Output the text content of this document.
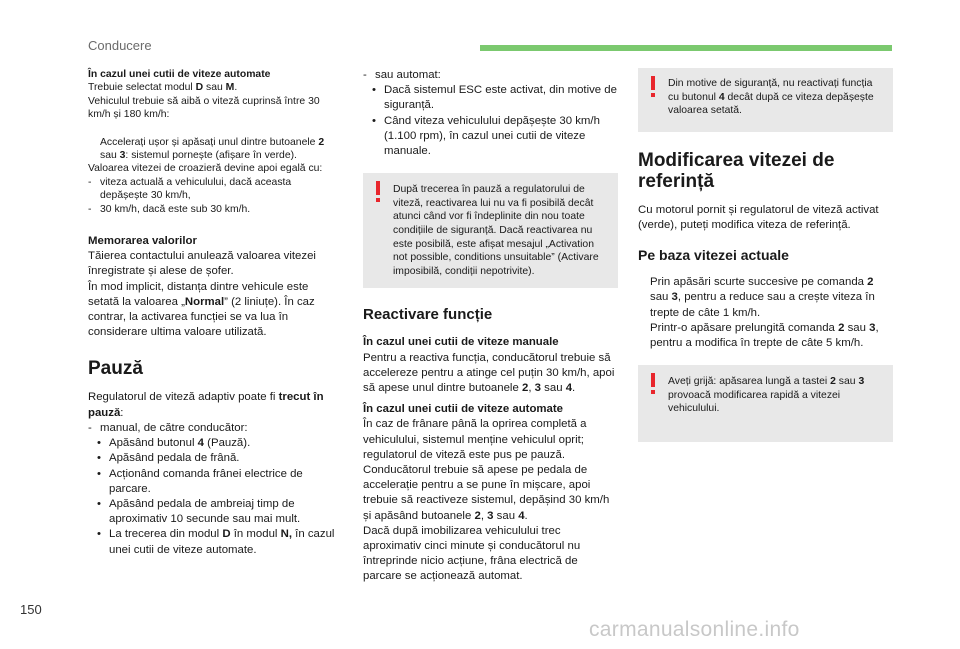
Conducere

În cazul unei cutii de viteze automate

Trebuie selectat modul D sau M.

Vehiculul trebuie să aibă o viteză cuprinsă între 30 km/h și 180 km/h:

Accelerați ușor și apăsați unul dintre butoanele 2 sau 3: sistemul pornește (afișare în verde).

Valoarea vitezei de croazieră devine apoi egală cu:

- viteza actuală a vehiculului, dacă aceasta depășește 30 km/h,
- 30 km/h, dacă este sub 30 km/h.

Memorarea valorilor

Tăierea contactului anulează valoarea vitezei înregistrate și alese de șofer.

În mod implicit, distanța dintre vehicule este setată la valoarea „Normal” (2 liniuțe). În caz contrar, la activarea funcției se va lua în considerare ultima valoare utilizată.

Pauză

Regulatorul de viteză adaptiv poate fi trecut în pauză:

- manual, de către conducător:
• Apăsând butonul 4 (Pauză).
• Apăsând pedala de frână.
• Acționând comanda frânei electrice de parcare.
• Apăsând pedala de ambreiaj timp de aproximativ 10 secunde sau mai mult.
• La trecerea din modul D în modul N, în cazul unei cutii de viteze automate.
- sau automat:
• Dacă sistemul ESC este activat, din motive de siguranță.
• Când viteza vehiculului depășește 30 km/h (1.100 rpm), în cazul unei cutii de viteze manuale.

După trecerea în pauză a regulatorului de viteză, reactivarea lui nu va fi posibilă decât atunci când vor fi îndeplinite din nou toate condițiile de siguranță. Dacă reactivarea nu este posibilă, este afișat mesajul „Activation not possible, conditions unsuitable” (Activare imposibilă, condiții nepotrivite).

Reactivare funcție

În cazul unei cutii de viteze manuale

Pentru a reactiva funcția, conducătorul trebuie să accelereze pentru a atinge cel puțin 30 km/h, apoi să apese unul dintre butoanele 2, 3 sau 4.

În cazul unei cutii de viteze automate

În caz de frânare până la oprirea completă a vehiculului, sistemul menține vehiculul oprit; regulatorul de viteză este pus pe pauză. Conducătorul trebuie să apese pe pedala de accelerație pentru a se pune în mișcare, apoi trebuie să reactiveze sistemul, depășind 30 km/h și apăsând butoanele 2, 3 sau 4.

Dacă după imobilizarea vehiculului trec aproximativ cinci minute și conducătorul nu întreprinde nicio acțiune, frâna electrică de parcare se acționează automat.

Din motive de siguranță, nu reactivați funcția cu butonul 4 decât după ce viteza depășește valoarea setată.

Modificarea vitezei de referință

Cu motorul pornit și regulatorul de viteză activat (verde), puteți modifica viteza de referință.

Pe baza vitezei actuale
Prin apăsări scurte succesive pe comanda 2 sau 3, pentru a reduce sau a crește viteza în trepte de câte 1 km/h.
Printr-o apăsare prelungită comanda 2 sau 3, pentru a modifica în trepte de câte 5 km/h.

Aveți grijă: apăsarea lungă a tastei 2 sau 3 provoacă modificarea rapidă a vitezei vehiculului.

150
carmanualsonline.info
